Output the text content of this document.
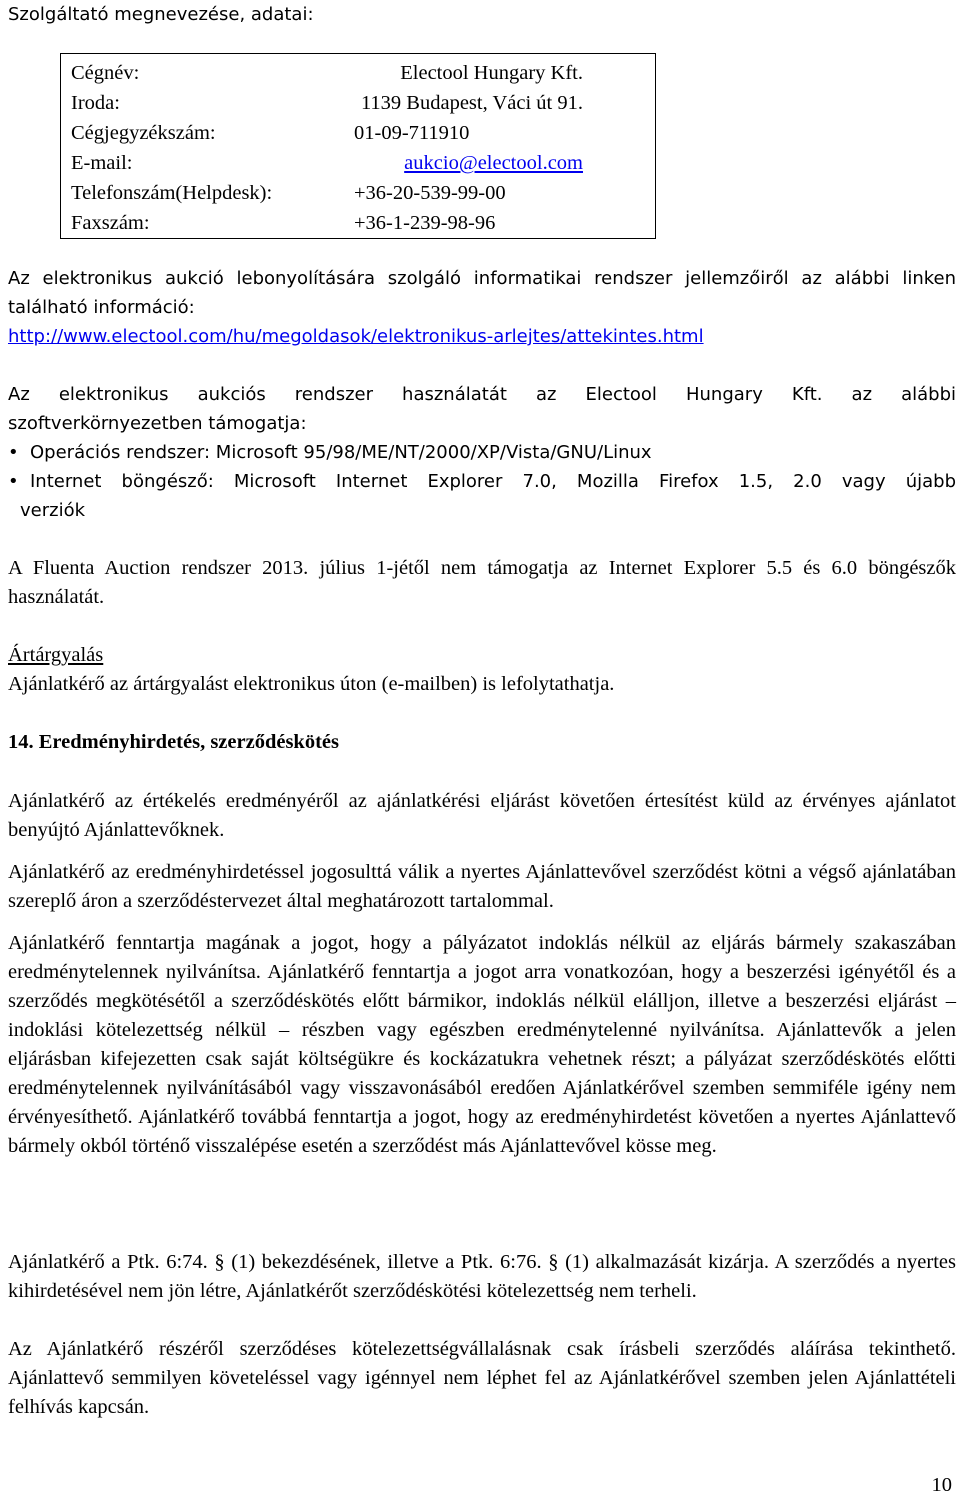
Szolgáltató megnevezése, adatai:
Cégnév:	Electool Hungary Kft.
Iroda:	1139 Budapest, Váci út 91.
Cégjegyzékszám:	01-09-711910
E-mail:	aukcio@electool.com
Telefonszám(Helpdesk):	+36-20-539-99-00
Faxszám:	+36-1-239-98-96
Az elektronikus aukció lebonyolítására szolgáló informatikai rendszer jellemzőiről az alábbi linken található információ:
http://www.electool.com/hu/megoldasok/elektronikus-arlejtes/attekintes.html
Az elektronikus aukciós rendszer használatát az Electool Hungary Kft. az alábbi
szoftverkörnyezetben támogatja:
• Operációs rendszer: Microsoft 95/98/ME/NT/2000/XP/Vista/GNU/Linux
• Internet böngésző: Microsoft Internet Explorer 7.0, Mozilla Firefox 1.5, 2.0 vagy újabb
verziók
A Fluenta Auction rendszer 2013. július 1-jétől nem támogatja az Internet Explorer 5.5 és 6.0 böngészők használatát.
Ártárgyalás
Ajánlatkérő az ártárgyalást elektronikus úton (e-mailben) is lefolytathatja.
14. Eredményhirdetés, szerződéskötés
Ajánlatkérő az értékelés eredményéről az ajánlatkérési eljárást követően értesítést küld az érvényes ajánlatot benyújtó Ajánlattevőknek.
Ajánlatkérő az eredményhirdetéssel jogosulttá válik a nyertes Ajánlattevővel szerződést kötni a végső ajánlatában szereplő áron a szerződéstervezet által meghatározott tartalommal.
Ajánlatkérő fenntartja magának a jogot, hogy a pályázatot indoklás nélkül az eljárás bármely szakaszában eredménytelennek nyilvánítsa. Ajánlatkérő fenntartja a jogot arra vonatkozóan, hogy a beszerzési igényétől és a szerződés megkötésétől a szerződéskötés előtt bármikor, indoklás nélkül elálljon, illetve a beszerzési eljárást – indoklási kötelezettség nélkül – részben vagy egészben eredménytelenné nyilvánítsa. Ajánlattevők a jelen eljárásban kifejezetten csak saját költségükre és kockázatukra vehetnek részt; a pályázat szerződéskötés előtti eredménytelennek nyilvánításából vagy visszavonásából eredően Ajánlatkérővel szemben semmiféle igény nem érvényesíthető. Ajánlatkérő továbbá fenntartja a jogot, hogy az eredményhirdetést követően a nyertes Ajánlattevő bármely okból történő visszalépése esetén a szerződést más Ajánlattevővel kösse meg.
Ajánlatkérő a Ptk. 6:74. § (1) bekezdésének, illetve a Ptk. 6:76. § (1) alkalmazását kizárja. A szerződés a nyertes kihirdetésével nem jön létre, Ajánlatkérőt szerződéskötési kötelezettség nem terheli.
Az Ajánlatkérő részéről szerződéses kötelezettségvállalásnak csak írásbeli szerződés aláírása tekinthető. Ajánlattevő semmilyen követeléssel vagy igénnyel nem léphet fel az Ajánlatkérővel szemben jelen Ajánlattételi felhívás kapcsán.
10
